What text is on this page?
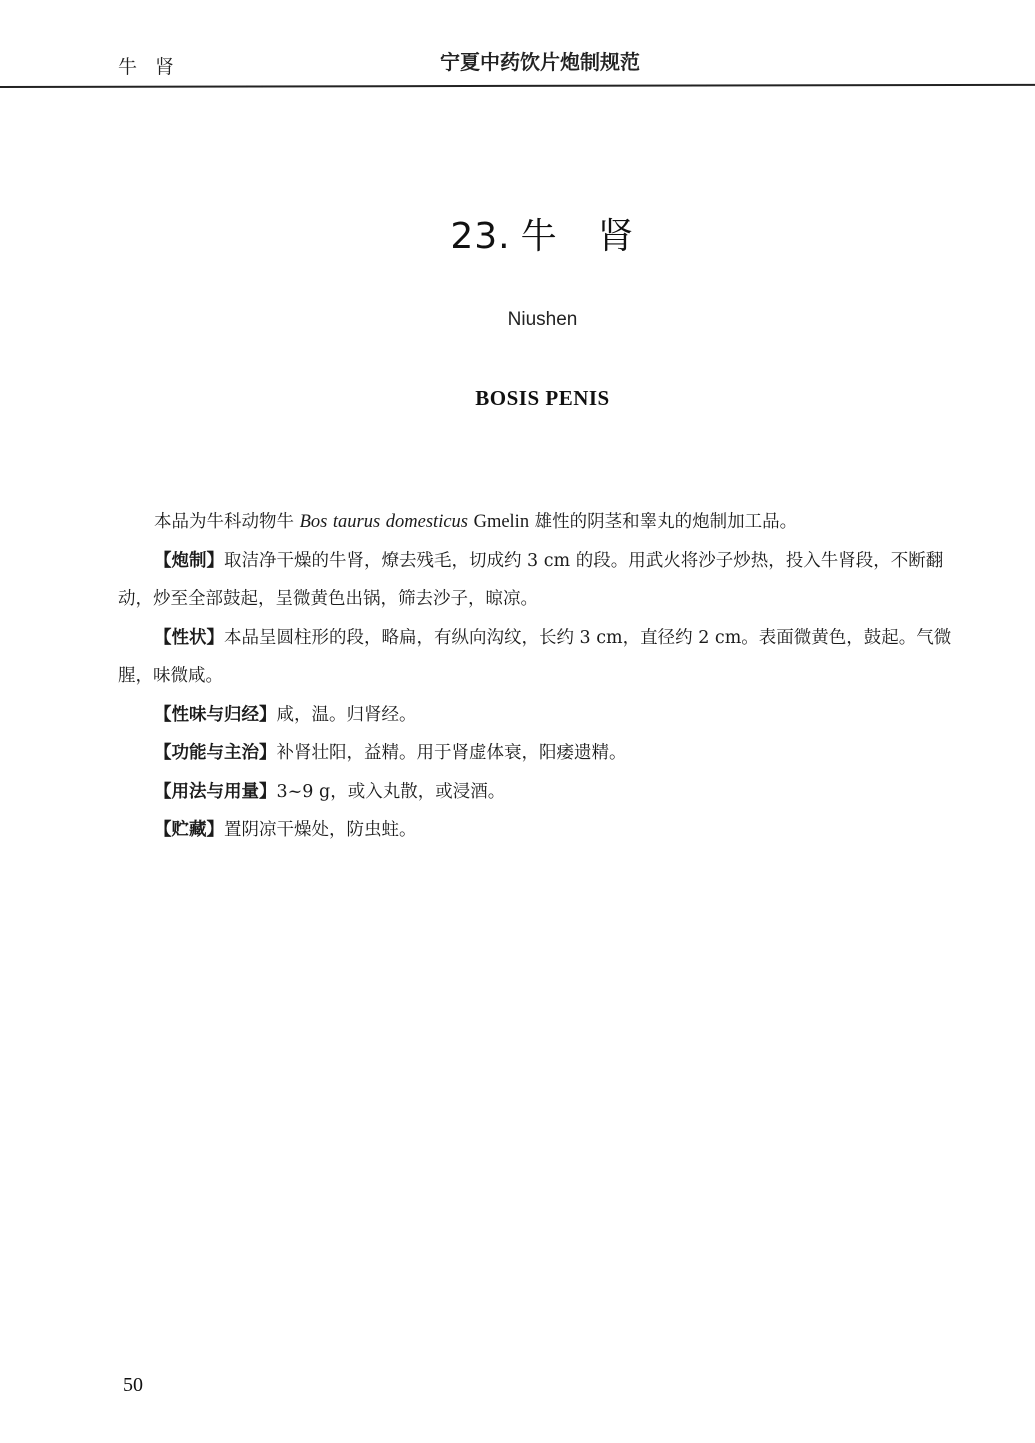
牛 肾	宁夏中药饮片炮制规范
23. 牛 肾
Niushen
BOSIS PENIS

本品为牛科动物牛 Bos taurus domesticus Gmelin 雄性的阴茎和睾丸的炮制加工品。

【炮制】取洁净干燥的牛肾，燎去残毛，切成约 3 cm 的段。用武火将沙子炒热，投入牛肾段，不断翻动，炒至全部鼓起，呈微黄色出锅，筛去沙子，晾凉。

【性状】本品呈圆柱形的段，略扁，有纵向沟纹，长约 3 cm，直径约 2 cm。表面微黄色，鼓起。气微腥，味微咸。

【性味与归经】咸，温。归肾经。

【功能与主治】补肾壮阳，益精。用于肾虚体衰，阳痿遗精。

【用法与用量】3~9 g，或入丸散，或浸酒。

【贮藏】置阴凉干燥处，防虫蛀。

50
